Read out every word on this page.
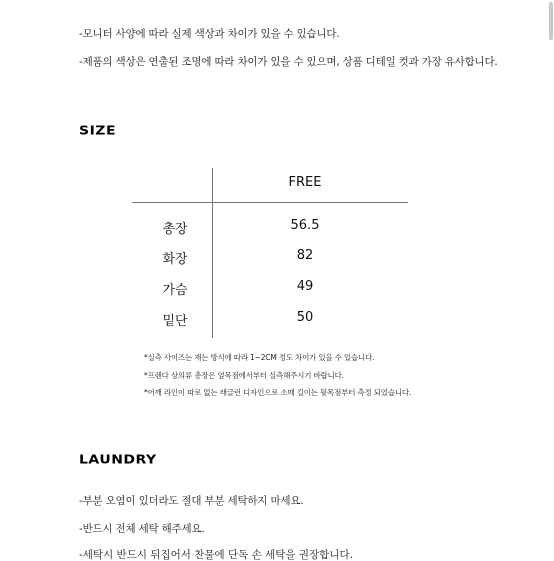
-모니터 사양에 따라 실제 색상과 차이가 있을 수 있습니다.
-제품의 색상은 연출된 조명에 따라 차이가 있을 수 있으며, 상품 디테일 컷과 가장 유사합니다.
SIZE
FREE
총장	56.5
화장	82
가슴	49
밑단	50
*실측 사이즈는 재는 방식에 따라 1~2CM 정도 차이가 있을 수 있습니다.
*프렌다 상의류 총장은 옆목점에서부터 실측해주시기 바랍니다.
*어깨 라인이 따로 없는 래글런 디자인으로 소매 길이는 뒷목점부터 측정 되었습니다.
LAUNDRY
-부분 오염이 있더라도 절대 부분 세탁하지 마세요.
-반드시 전체 세탁 해주세요.
-세탁시 반드시 뒤집어서 찬물에 단독 손 세탁을 권장합니다.
